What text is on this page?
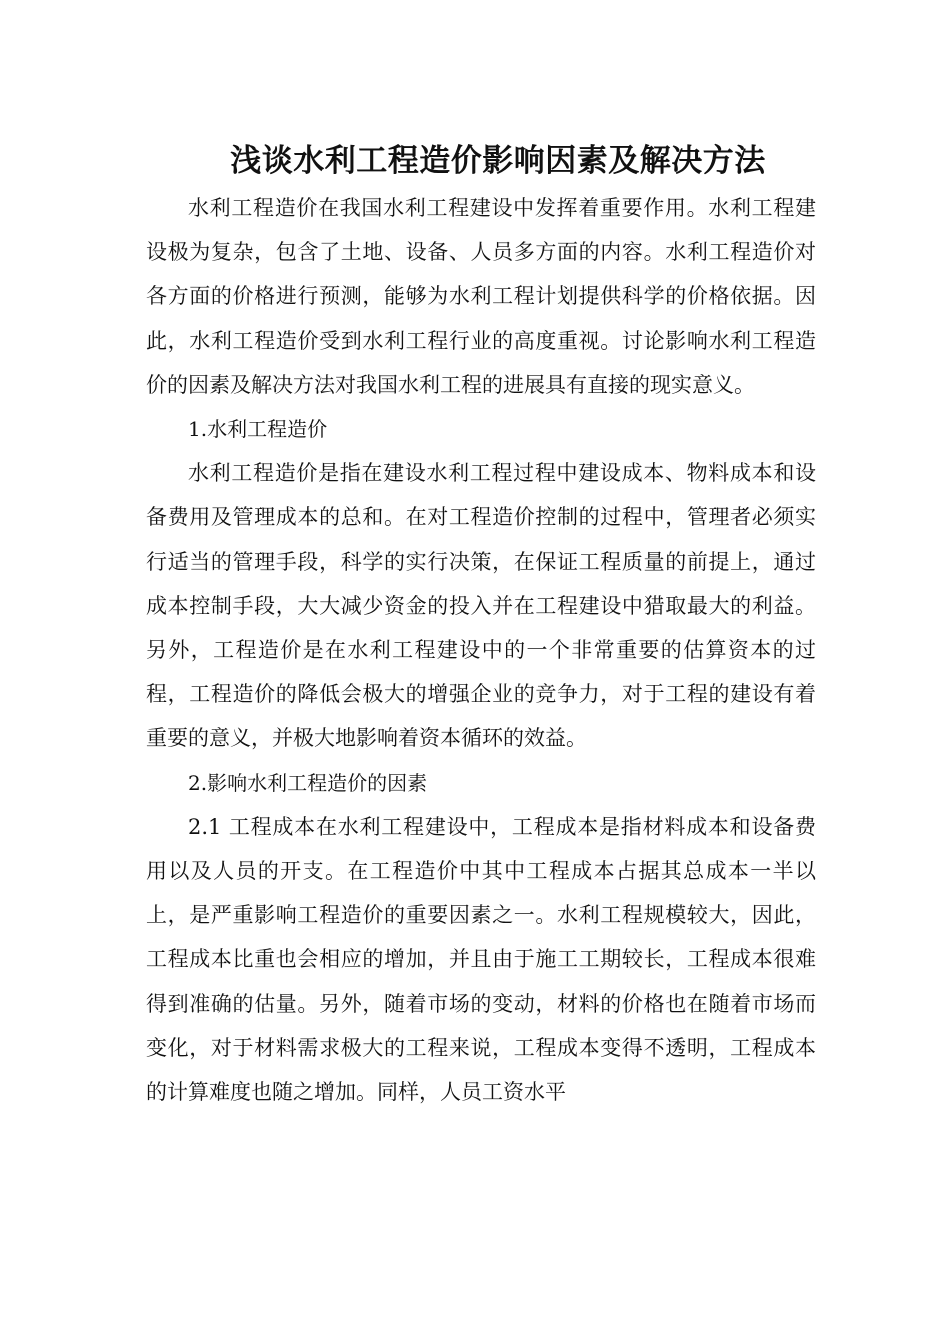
浅谈水利工程造价影响因素及解决方法

水利工程造价在我国水利工程建设中发挥着重要作用。水利工程建设极为复杂，包含了土地、设备、人员多方面的内容。水利工程造价对各方面的价格进行预测，能够为水利工程计划提供科学的价格依据。因此，水利工程造价受到水利工程行业的高度重视。讨论影响水利工程造价的因素及解决方法对我国水利工程的进展具有直接的现实意义。

1.水利工程造价

水利工程造价是指在建设水利工程过程中建设成本、物料成本和设备费用及管理成本的总和。在对工程造价控制的过程中，管理者必须实行适当的管理手段，科学的实行决策，在保证工程质量的前提上，通过成本控制手段，大大减少资金的投入并在工程建设中猎取最大的利益。另外，工程造价是在水利工程建设中的一个非常重要的估算资本的过程，工程造价的降低会极大的增强企业的竞争力，对于工程的建设有着重要的意义，并极大地影响着资本循环的效益。

2.影响水利工程造价的因素

2.1 工程成本在水利工程建设中，工程成本是指材料成本和设备费用以及人员的开支。在工程造价中其中工程成本占据其总成本一半以上，是严重影响工程造价的重要因素之一。水利工程规模较大，因此，工程成本比重也会相应的增加，并且由于施工工期较长，工程成本很难得到准确的估量。另外，随着市场的变动，材料的价格也在随着市场而变化，对于材料需求极大的工程来说，工程成本变得不透明，工程成本的计算难度也随之增加。同样，人员工资水平
